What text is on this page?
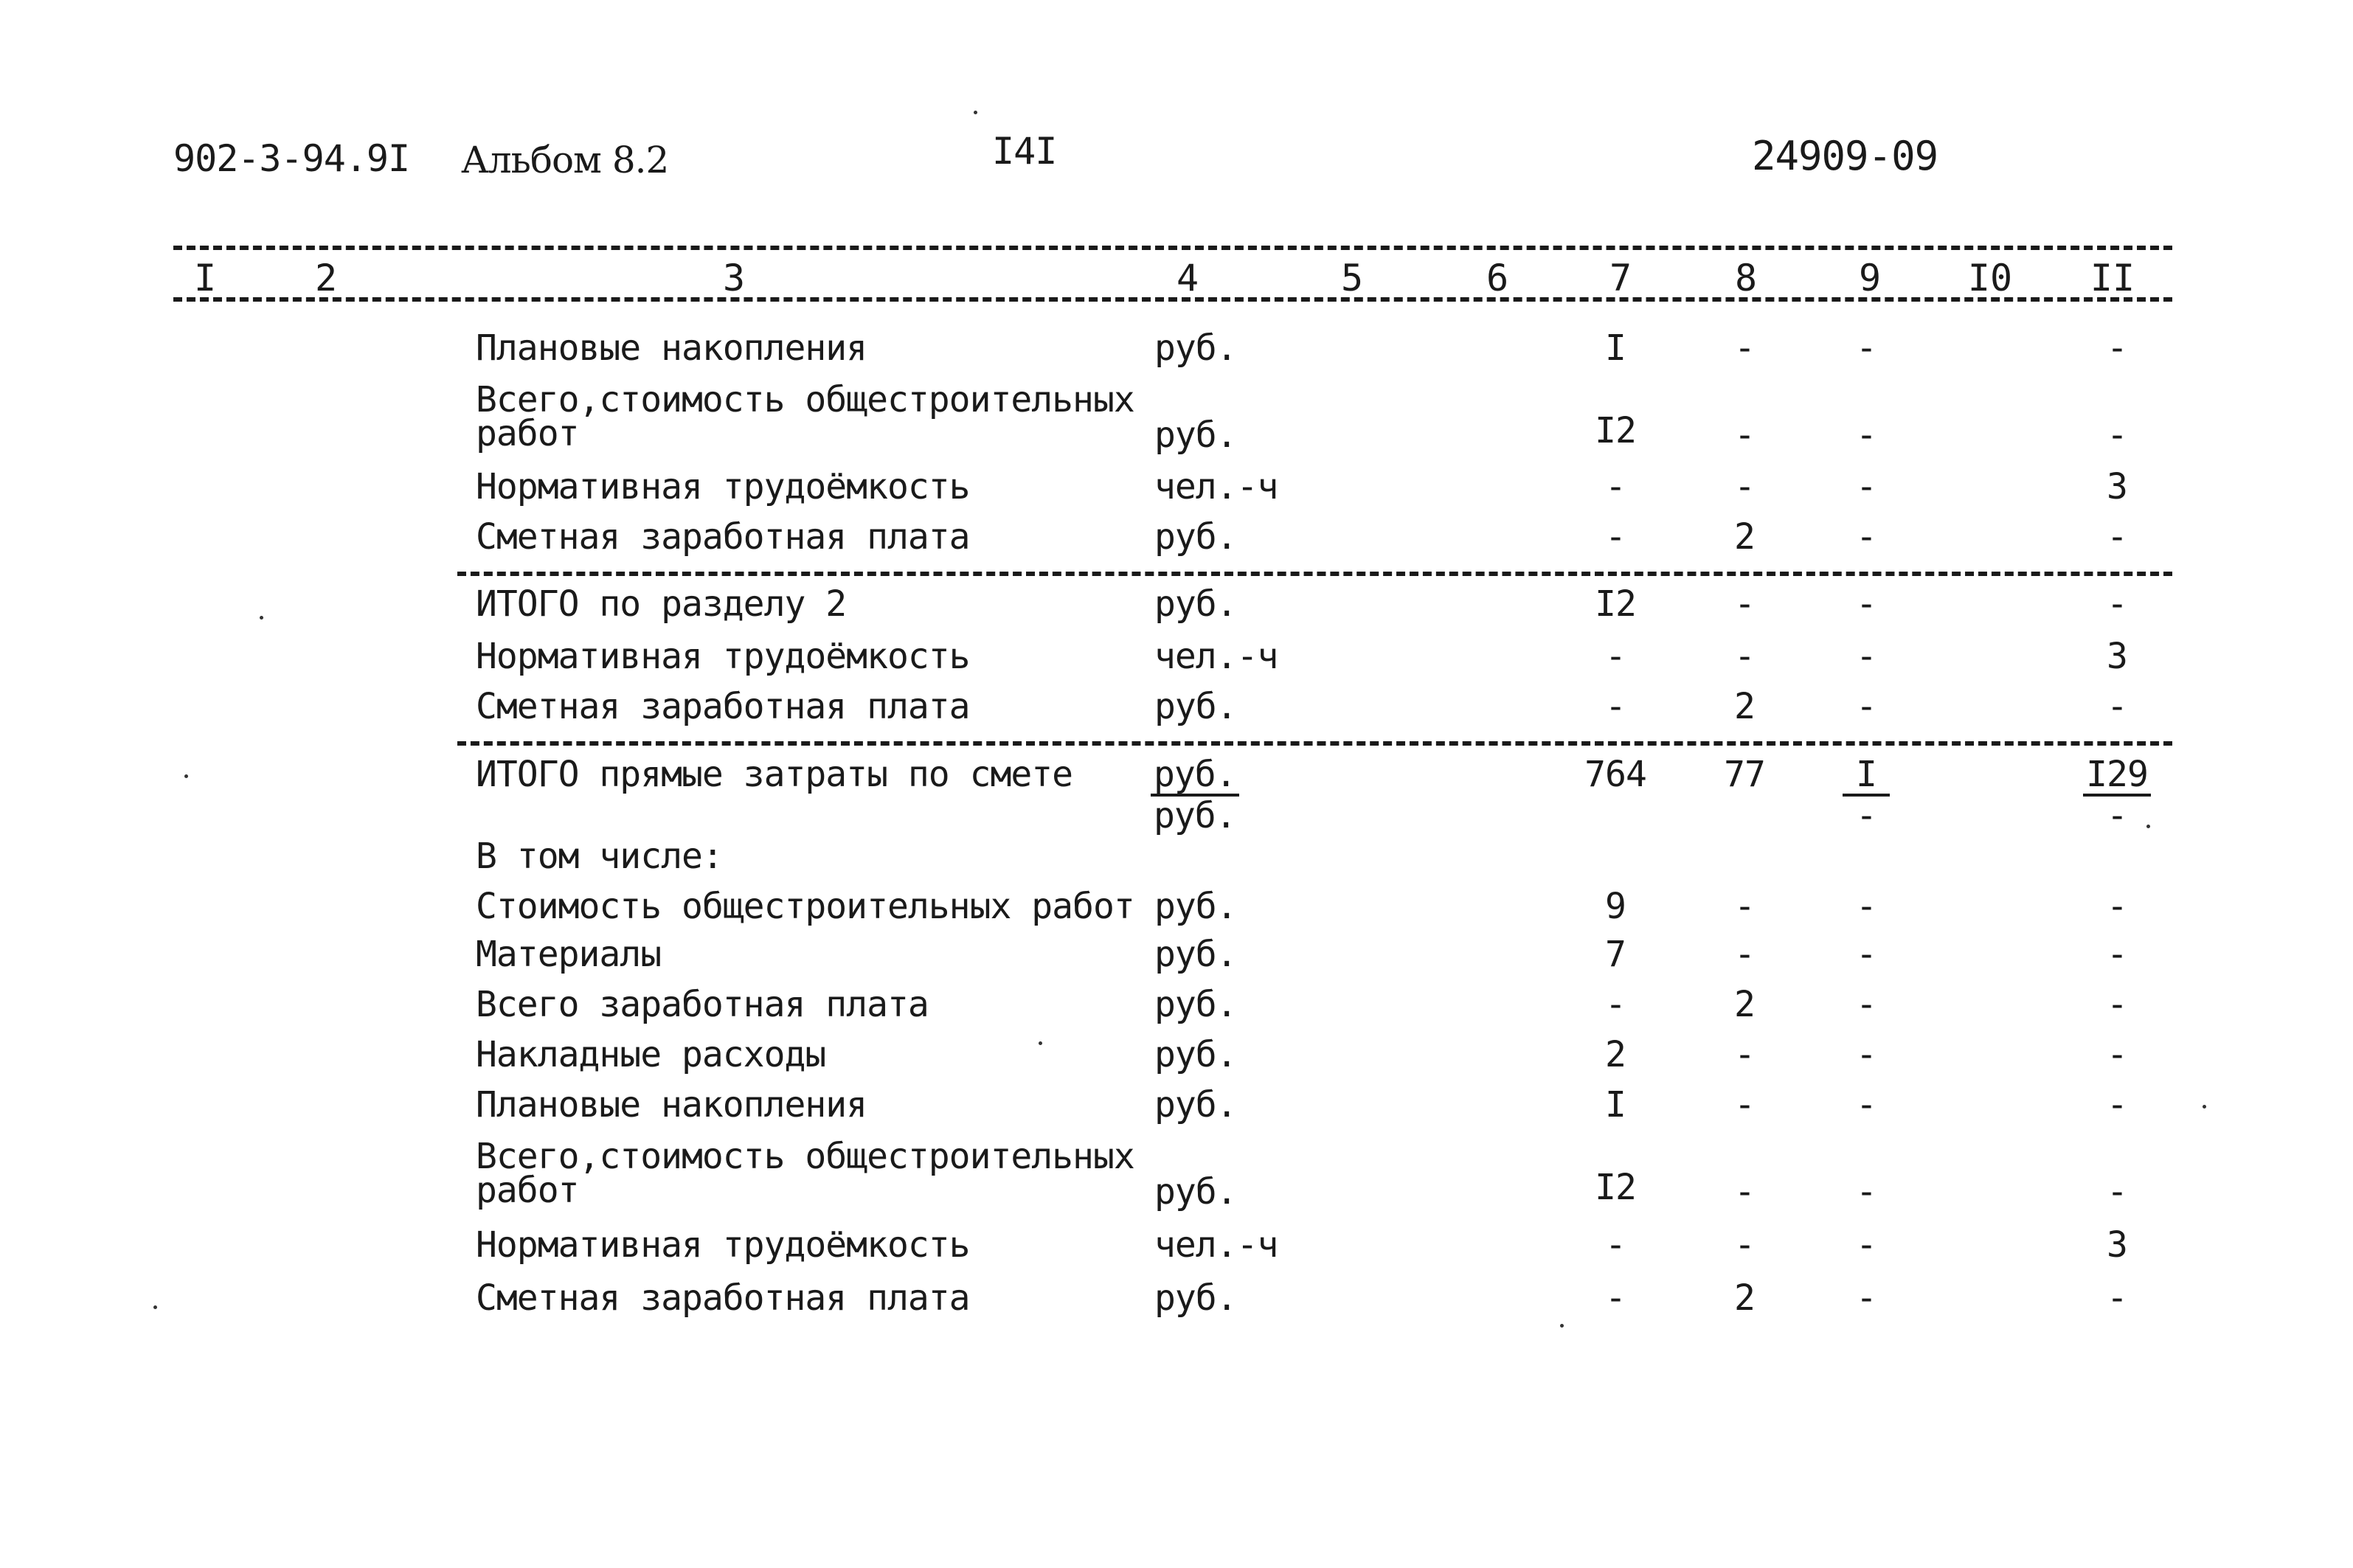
902-3-94.9I Альбом 8.2	I4I	24909-09
I	2	3	4	5	6	7	8	9	I0 II
Плановые накопления	руб.	I	-	-	-
Всего,стоимость общестроительных
работ	руб.	I2	-	-	-
Нормативная трудоёмкость	чел.-ч	-	-	-	3
Сметная заработная плата	руб.	-	2	-	-
ИТОГО по разделу 2	руб.	I2	-	-	-
Нормативная трудоёмкость	чел.-ч	-	-	-	3
Сметная заработная плата	руб.	-	2	-	-
ИТОГО прямые затраты по смете $\frac{\text{руб.}}{\text{руб.}}$	764	77	$\frac{I}{-}$	$\frac{I29}{-}$
В том числе:
Стоимость общестроительных работ руб.	9	-	-	-
Материалы	руб.	7	-	-	-
Всего заработная плата	руб.	-	2	-	-
Накладные расходы	руб.	2	-	-	-
Плановые накопления	руб.	I	-	-	-
Всего,стоимость общестроительных
работ	руб.	I2	-	-	-
Нормативная трудоёмкость	чел.-ч	-	-	-	3
Сметная заработная плата	руб.	-	2	-	-
